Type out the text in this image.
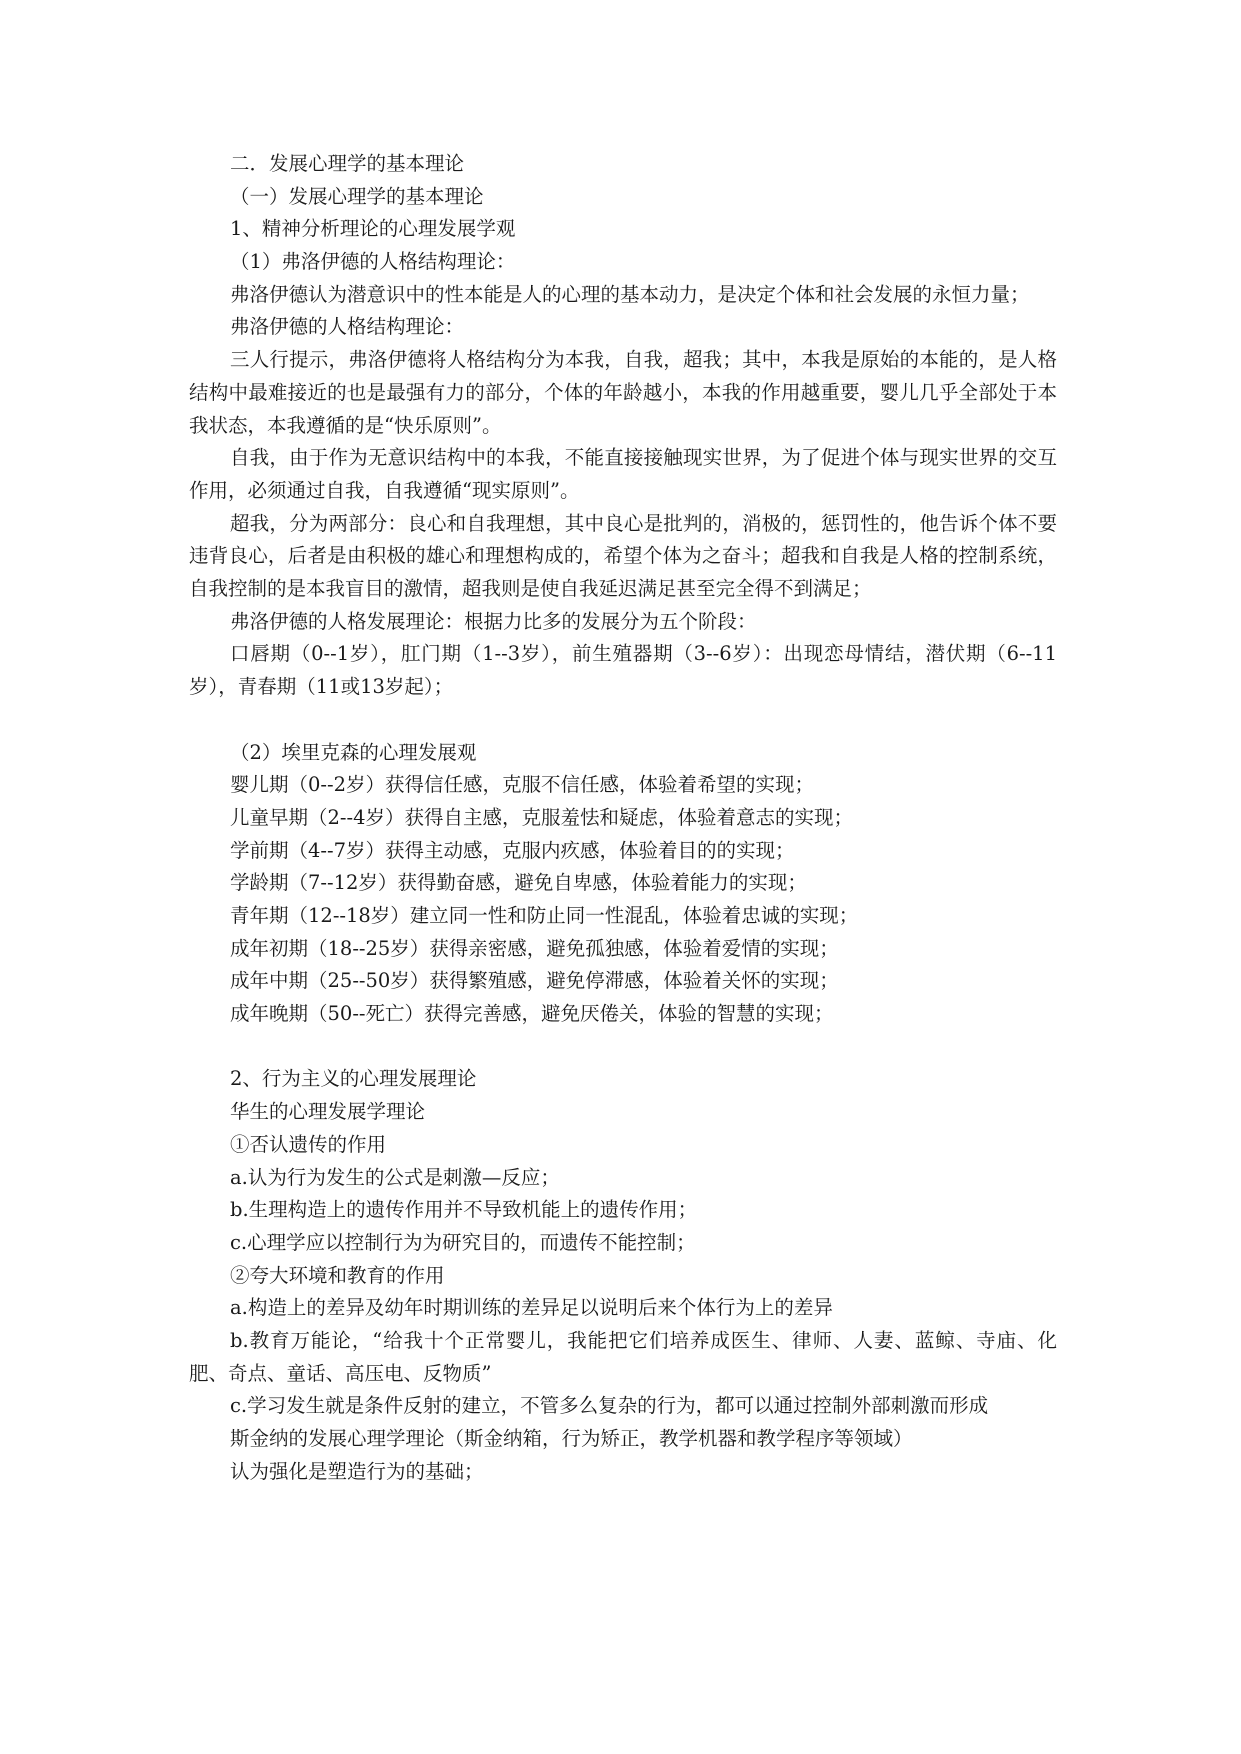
二．发展心理学的基本理论
（一）发展心理学的基本理论
1、精神分析理论的心理发展学观
（1）弗洛伊德的人格结构理论：
弗洛伊德认为潜意识中的性本能是人的心理的基本动力，是决定个体和社会发展的永恒力量；
弗洛伊德的人格结构理论：
三人行提示，弗洛伊德将人格结构分为本我，自我，超我；其中，本我是原始的本能的，是人格结构中最难接近的也是最强有力的部分，个体的年龄越小，本我的作用越重要，婴儿几乎全部处于本我状态，本我遵循的是“快乐原则”。
自我，由于作为无意识结构中的本我，不能直接接触现实世界，为了促进个体与现实世界的交互作用，必须通过自我，自我遵循“现实原则”。
超我，分为两部分：良心和自我理想，其中良心是批判的，消极的，惩罚性的，他告诉个体不要违背良心，后者是由积极的雄心和理想构成的，希望个体为之奋斗；超我和自我是人格的控制系统，自我控制的是本我盲目的激情，超我则是使自我延迟满足甚至完全得不到满足；
弗洛伊德的人格发展理论：根据力比多的发展分为五个阶段：
口唇期（0--1岁），肛门期（1--3岁），前生殖器期（3--6岁）：出现恋母情结，潜伏期（6--11岁），青春期（11或13岁起）；
（2）埃里克森的心理发展观
婴儿期（0--2岁）获得信任感，克服不信任感，体验着希望的实现；
儿童早期（2--4岁）获得自主感，克服羞怯和疑虑，体验着意志的实现；
学前期（4--7岁）获得主动感，克服内疚感，体验着目的的实现；
学龄期（7--12岁）获得勤奋感，避免自卑感，体验着能力的实现；
青年期（12--18岁）建立同一性和防止同一性混乱，体验着忠诚的实现；
成年初期（18--25岁）获得亲密感，避免孤独感，体验着爱情的实现；
成年中期（25--50岁）获得繁殖感，避免停滞感，体验着关怀的实现；
成年晚期（50--死亡）获得完善感，避免厌倦关，体验的智慧的实现；
2、行为主义的心理发展理论
华生的心理发展学理论
①否认遗传的作用
a.认为行为发生的公式是刺激—反应；
b.生理构造上的遗传作用并不导致机能上的遗传作用；
c.心理学应以控制行为为研究目的，而遗传不能控制；
②夸大环境和教育的作用
a.构造上的差异及幼年时期训练的差异足以说明后来个体行为上的差异
b.教育万能论，“给我十个正常婴儿，我能把它们培养成医生、律师、人妻、蓝鲸、寺庙、化肥、奇点、童话、高压电、反物质”
c.学习发生就是条件反射的建立，不管多么复杂的行为，都可以通过控制外部刺激而形成
斯金纳的发展心理学理论（斯金纳箱，行为矫正，教学机器和教学程序等领域）
认为强化是塑造行为的基础；
